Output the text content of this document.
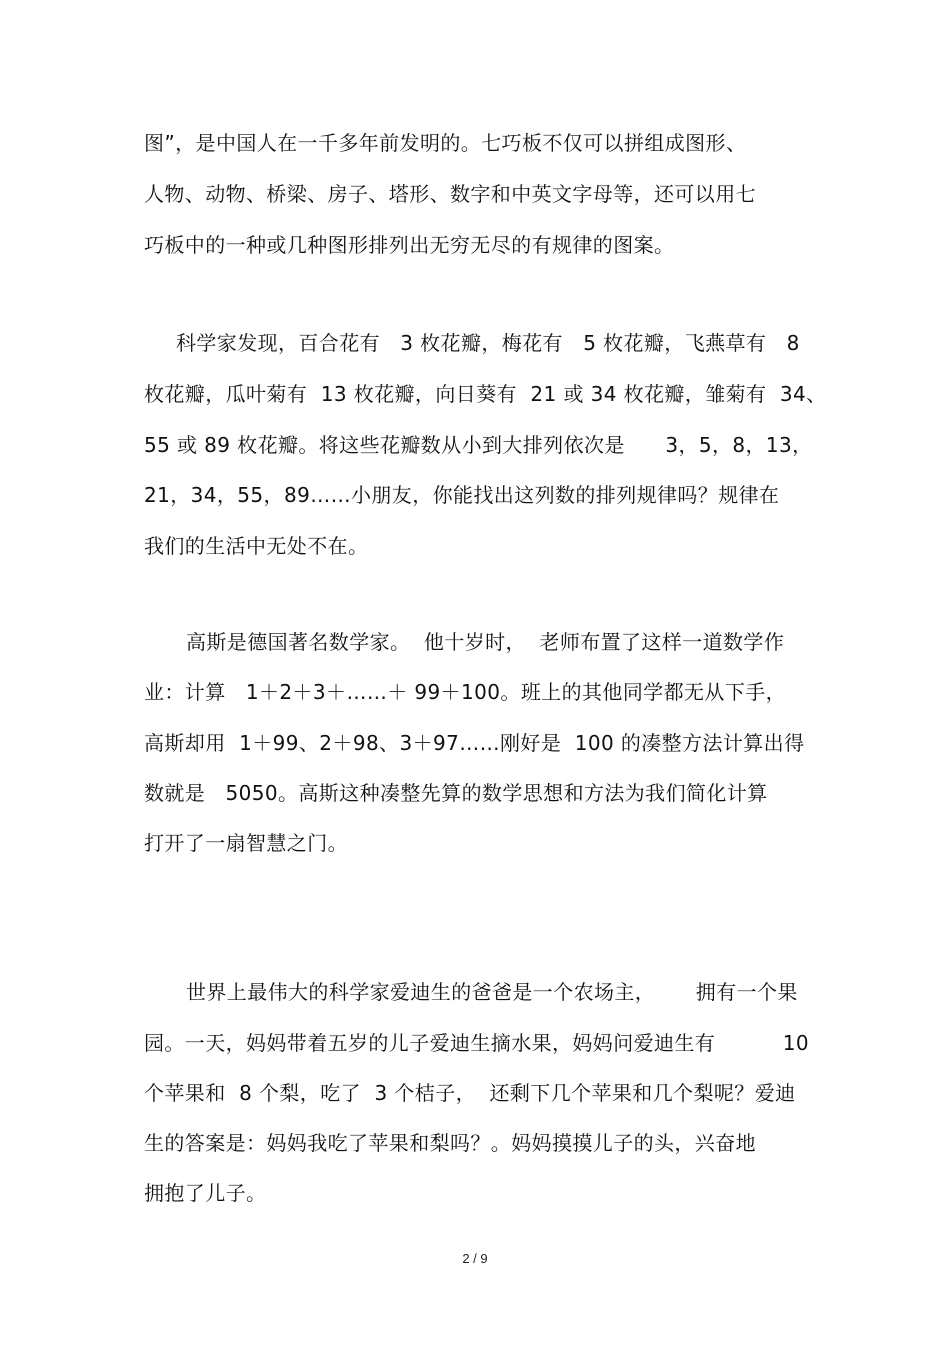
图”，是中国人在一千多年前发明的。七巧板不仅可以拼组成图形、
人物、动物、桥梁、房子、塔形、数字和中英文字母等，还可以用七
巧板中的一种或几种图形排列出无穷无尽的有规律的图案。
科学家发现，百合花有   3 枚花瓣，梅花有   5 枚花瓣，飞燕草有   8
枚花瓣，瓜叶菊有  13 枚花瓣，向日葵有  21 或 34 枚花瓣，雏菊有  34、
55 或 89 枚花瓣。将这些花瓣数从小到大排列依次是      3，5，8，13，
21，34，55，89……小朋友，你能找出这列数的排列规律吗？规律在
我们的生活中无处不在。
高斯是德国著名数学家。  他十岁时，  老师布置了这样一道数学作
业：计算   1＋2＋3＋……＋ 99＋100。班上的其他同学都无从下手，
高斯却用  1＋99、2＋98、3＋97……刚好是  100 的凑整方法计算出得
数就是   5050。高斯这种凑整先算的数学思想和方法为我们简化计算
打开了一扇智慧之门。
世界上最伟大的科学家爱迪生的爸爸是一个农场主，      拥有一个果
园。一天，妈妈带着五岁的儿子爱迪生摘水果，妈妈问爱迪生有          10
个苹果和  8 个梨，吃了  3 个桔子，  还剩下几个苹果和几个梨呢？爱迪
生的答案是：妈妈我吃了苹果和梨吗？。妈妈摸摸儿子的头，兴奋地
拥抱了儿子。
2 / 9
